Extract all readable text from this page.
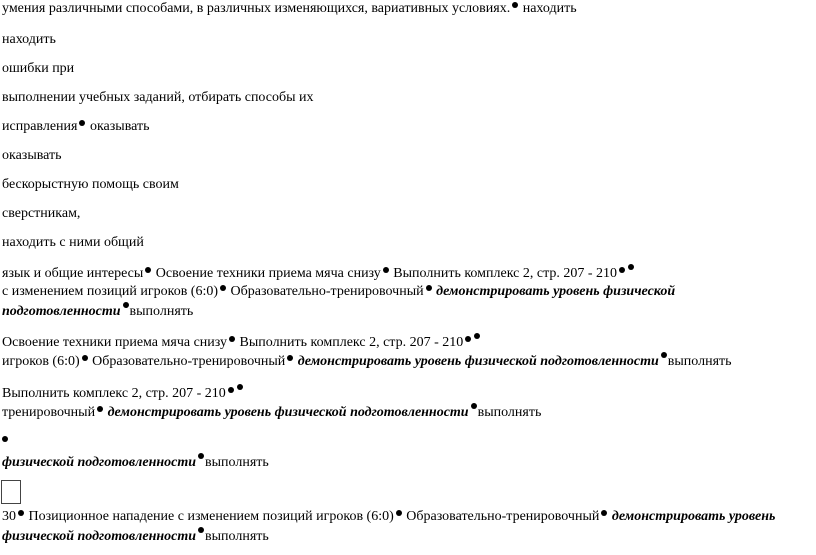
умения различными способами, в различных изменяющихся, вариативных условиях. находить
находить
ошибки при
выполнении учебных заданий, отбирать способы их
исправления оказывать
оказывать
бескорыстную помощь своим
сверстникам,
находить с ними общий
язык и общие интересы Освоение техники приема мяча снизу Выполнить комплекс 2, стр. 207 - 210
с изменением позиций игроков (6:0) Образовательно-тренировочный демонстрировать уровень физической
подготовленности выполнять
Освоение техники приема мяча снизу Выполнить комплекс 2, стр. 207 - 210
игроков (6:0) Образовательно-тренировочный демонстрировать уровень физической подготовленности выполнять
Выполнить комплекс 2, стр. 207 - 210
тренировочный демонстрировать уровень физической подготовленности выполнять
физической подготовленности выполнять
30 Позиционное нападение с изменением позиций игроков (6:0) Образовательно-тренировочный демонстрировать уровень
физической подготовленности выполнять
